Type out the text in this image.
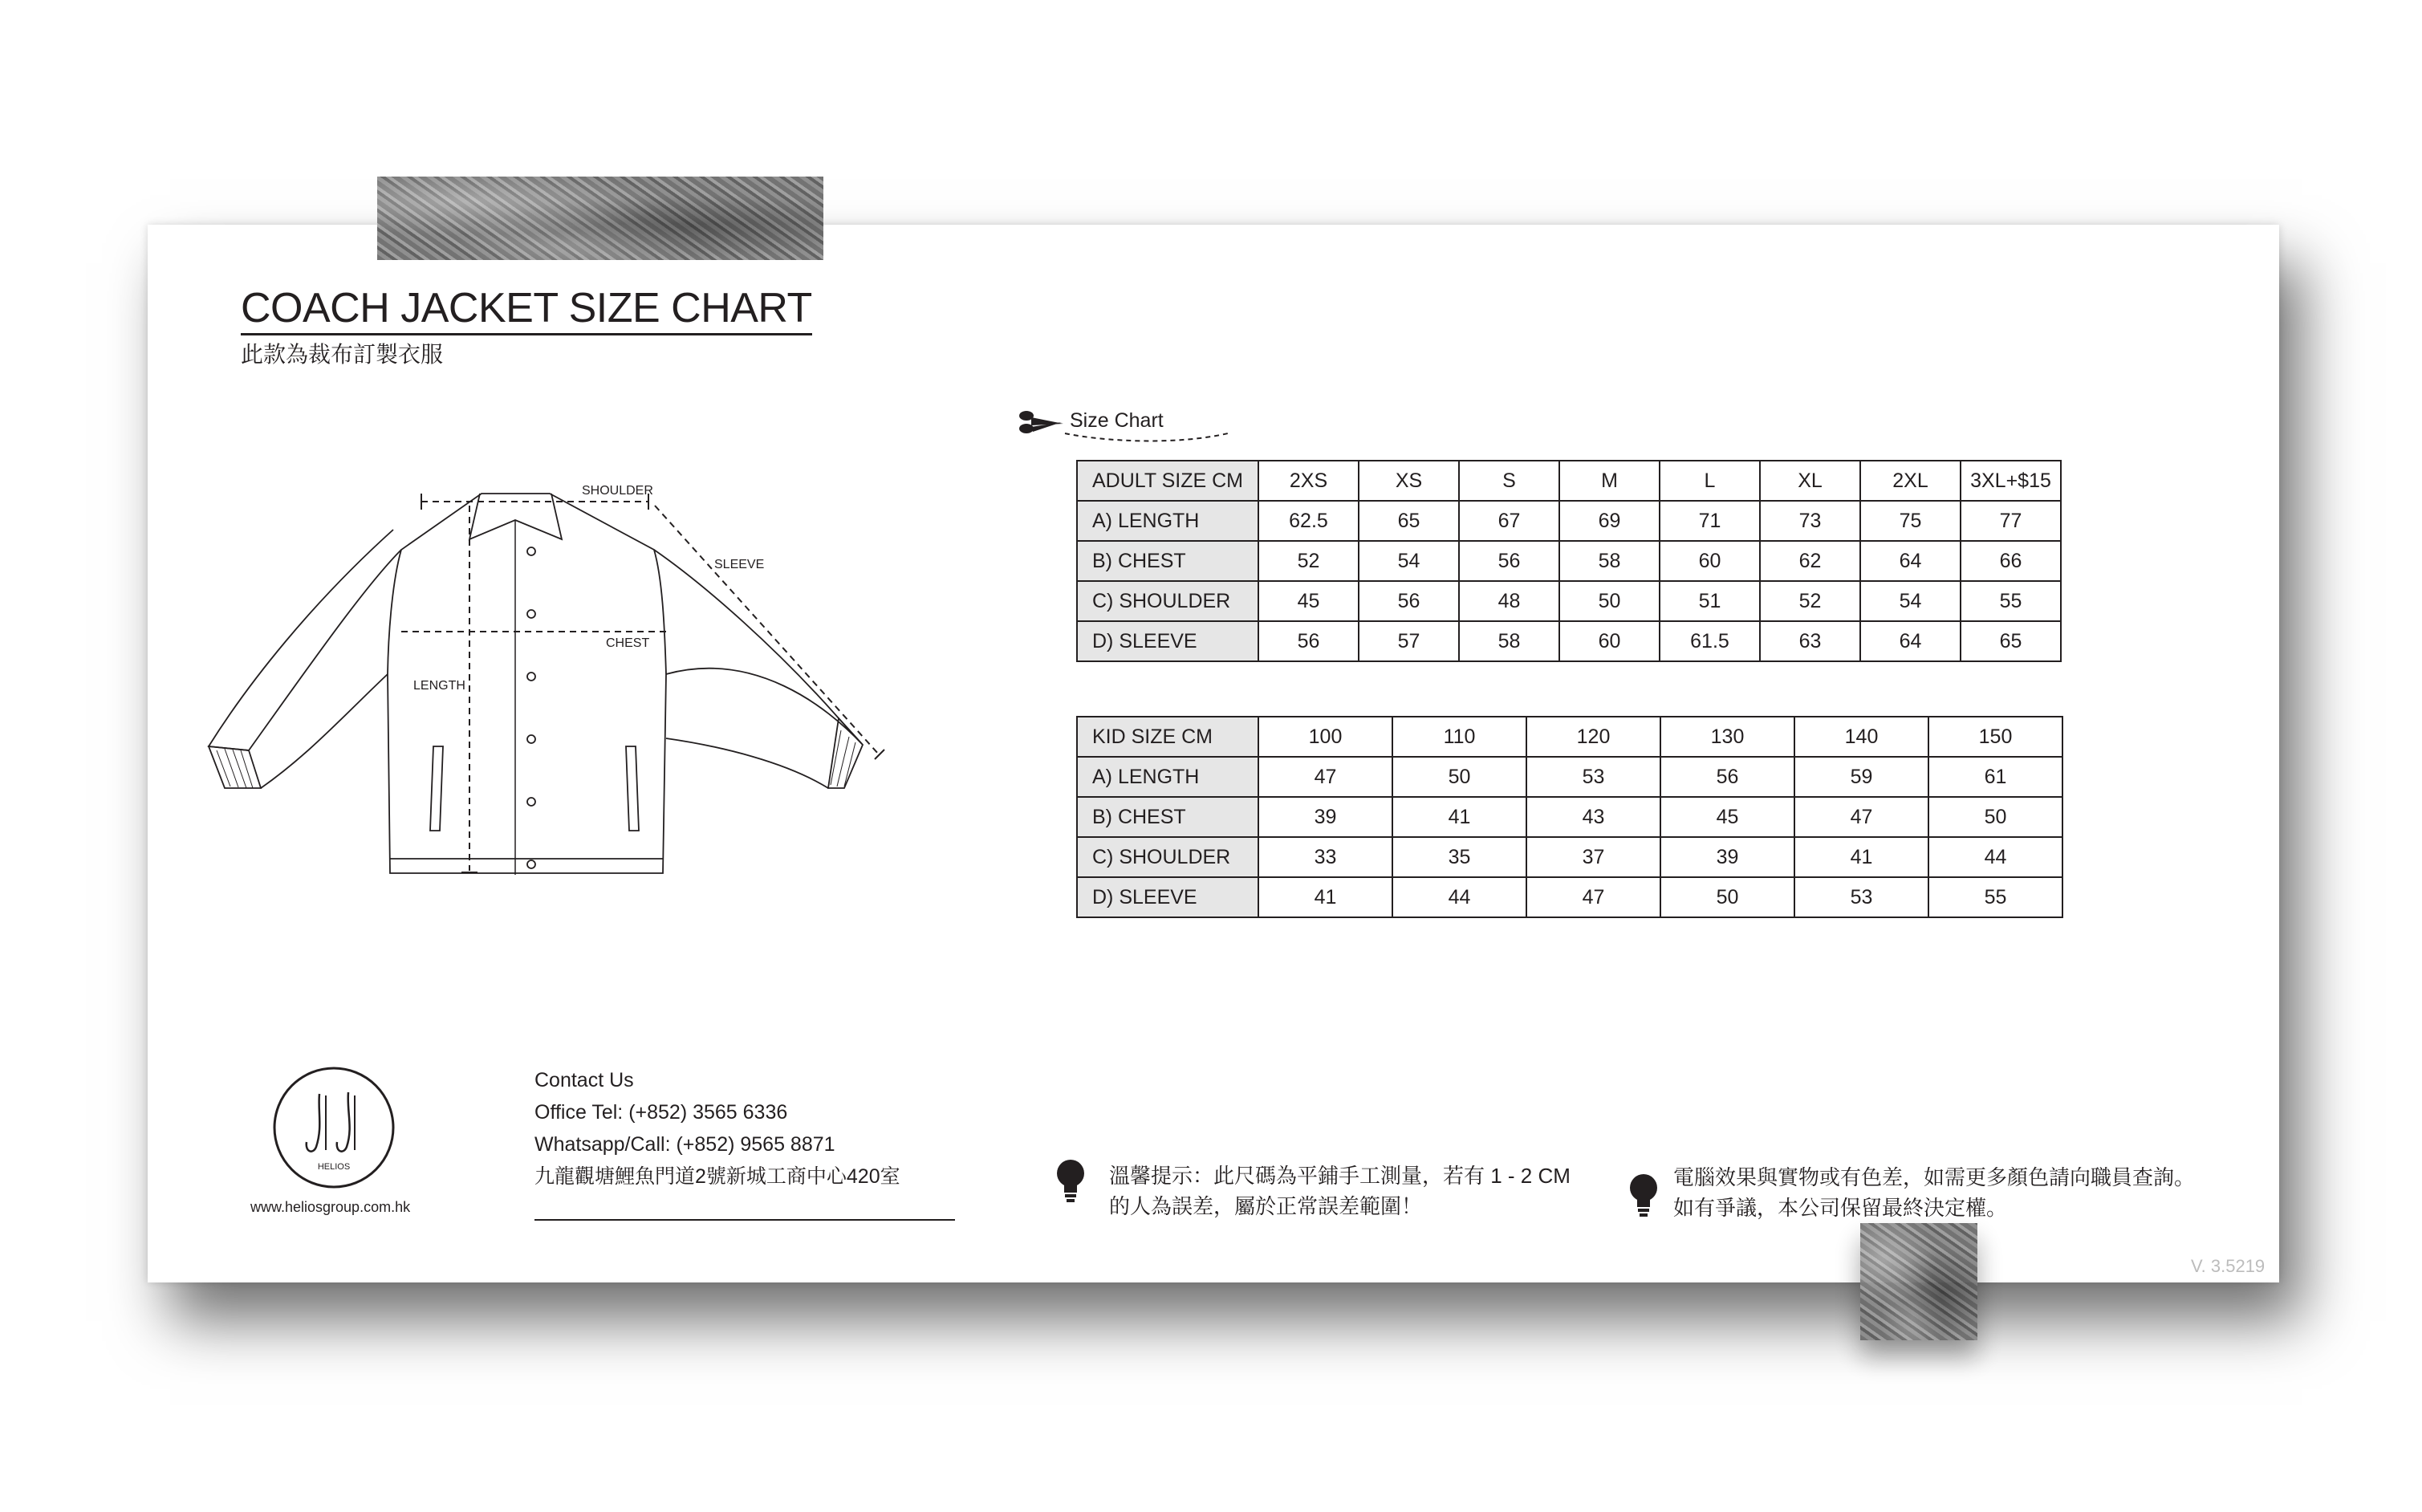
COACH JACKET SIZE CHART
此款為裁布訂製衣服
SHOULDER
SLEEVE
CHEST
LENGTH
Size Chart
ADULT SIZE CM	2XS	XS	S	M	L	XL	2XL	3XL+$15
A) LENGTH	62.5	65	67	69	71	73	75	77
B) CHEST	52	54	56	58	60	62	64	66
C) SHOULDER	45	56	48	50	51	52	54	55
D) SLEEVE	56	57	58	60	61.5	63	64	65
KID SIZE CM	100	110	120	130	140	150
A) LENGTH	47	50	53	56	59	61
B) CHEST	39	41	43	45	47	50
C) SHOULDER	33	35	37	39	41	44
D) SLEEVE	41	44	47	50	53	55
HELIOS
www.heliosgroup.com.hk
Contact Us
Office Tel: (+852) 3565 6336
Whatsapp/Call: (+852) 9565 8871
九龍觀塘鯉魚門道2號新城工商中心420室	溫馨提示：此尺碼為平鋪手工測量，若有 1 - 2 CM
的人為誤差，屬於正常誤差範圍！
電腦效果與實物或有色差，如需更多顏色請向職員查詢。
如有爭議，本公司保留最終決定權。
V. 3.5219
